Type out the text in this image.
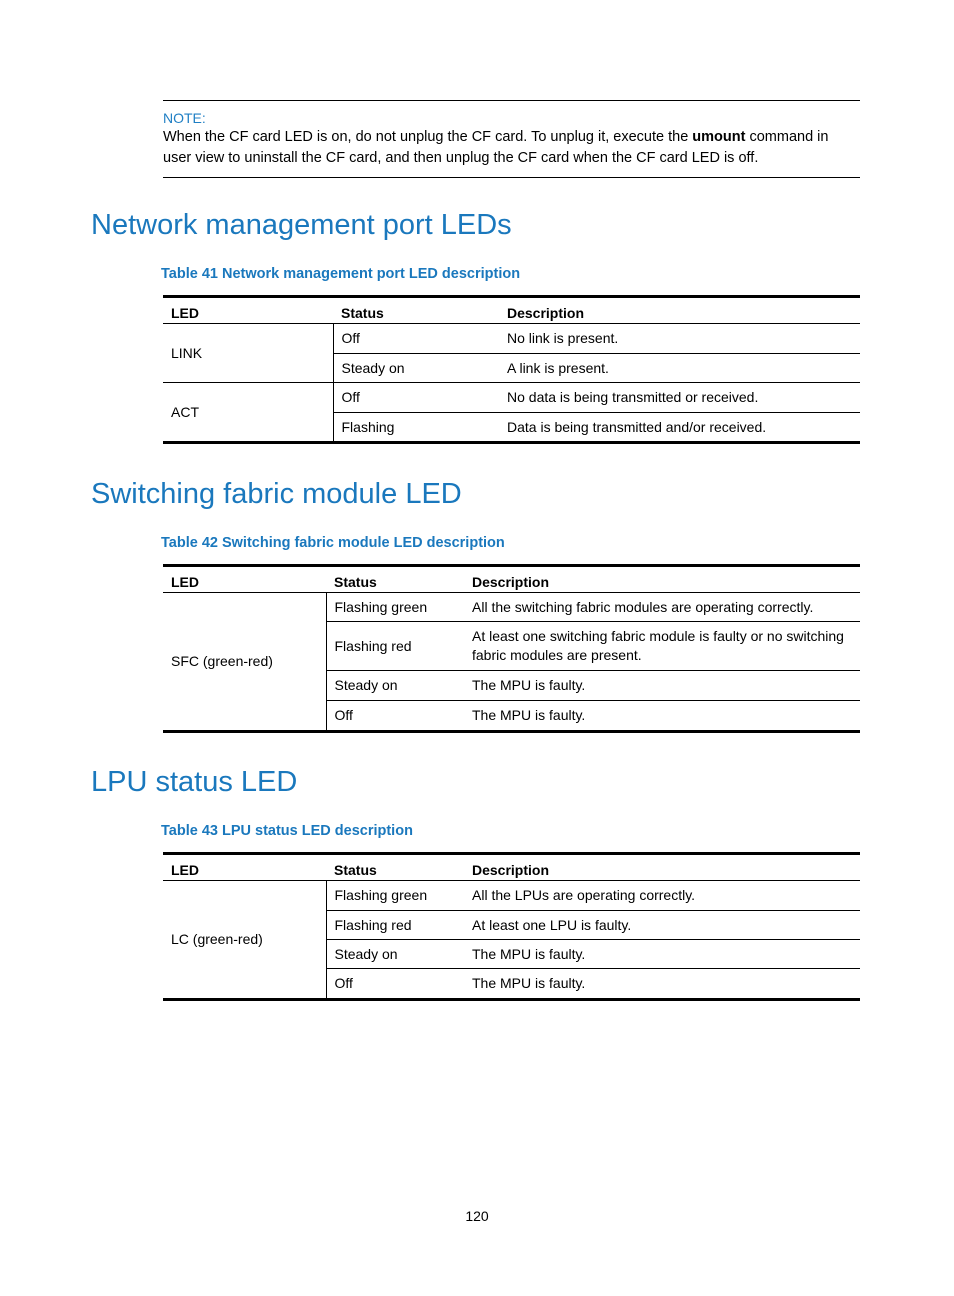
NOTE:
When the CF card LED is on, do not unplug the CF card. To unplug it, execute the umount command in user view to uninstall the CF card, and then unplug the CF card when the CF card LED is off.
Network management port LEDs
Table 41 Network management port LED description
LED	Status	Description
LINK	Off	No link is present.
	Steady on	A link is present.
ACT	Off	No data is being transmitted or received.
	Flashing	Data is being transmitted and/or received.
Switching fabric module LED
Table 42 Switching fabric module LED description
LED	Status	Description
SFC (green-red)	Flashing green	All the switching fabric modules are operating correctly.
	Flashing red	At least one switching fabric module is faulty or no switching fabric modules are present.
	Steady on	The MPU is faulty.
	Off	The MPU is faulty.
LPU status LED
Table 43 LPU status LED description
LED	Status	Description
LC (green-red)	Flashing green	All the LPUs are operating correctly.
	Flashing red	At least one LPU is faulty.
	Steady on	The MPU is faulty.
	Off	The MPU is faulty.
120
